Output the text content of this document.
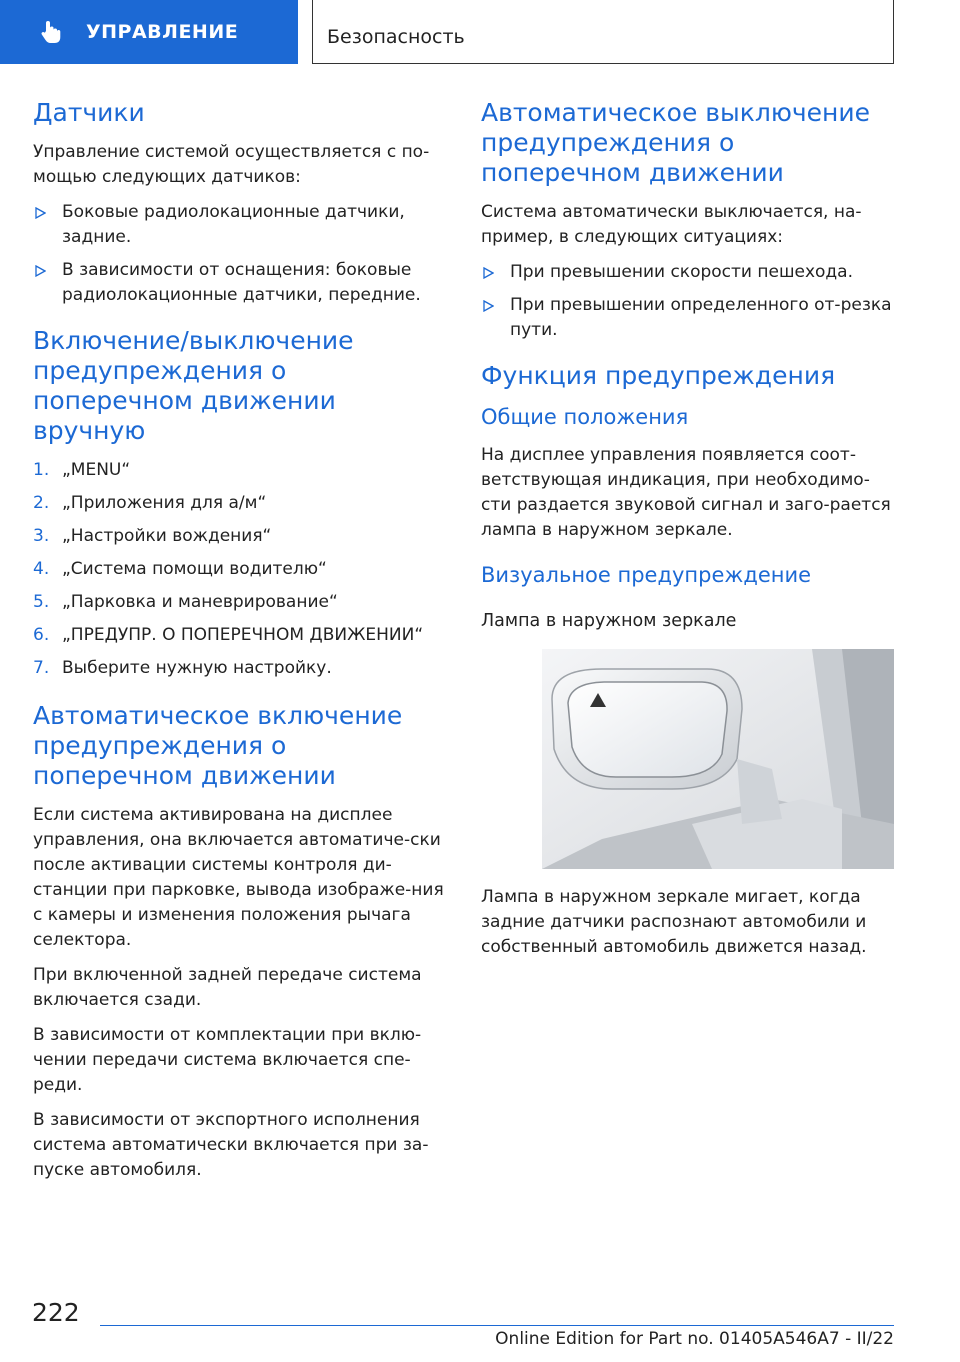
УПРАВЛЕНИЕ	Безопасность
Датчики

Управление системой осуществляется с по-мощью следующих датчиков:

Боковые радиолокационные датчики, задние.
В зависимости от оснащения: боковые радиолокационные датчики, передние.
Включение/выключение предупреждения о поперечном движении вручную
1. „MENU“
2. „Приложения для а/м“
3. „Настройки вождения“
4. „Система помощи водителю“
5. „Парковка и маневрирование“
6. „ПРЕДУПР. О ПОПЕРЕЧНОМ ДВИЖЕНИИ“
7. Выберите нужную настройку.
Автоматическое включение предупреждения о поперечном движении

Если система активирована на дисплее управления, она включается автоматиче-ски после активации системы контроля ди-станции при парковке, вывода изображе-ния с камеры и изменения положения рычага селектора.

При включенной задней передаче система включается сзади.

В зависимости от комплектации при вклю-чении передачи система включается спе-реди.

В зависимости от экспортного исполнения система автоматически включается при за-пуске автомобиля.

Автоматическое выключение предупреждения о поперечном движении

Система автоматически выключается, на-пример, в следующих ситуациях:

При превышении скорости пешехода.
При превышении определенного от-резка пути.
Функция предупреждения
Общие положения

На дисплее управления появляется соот-ветствующая индикация, при необходимо-сти раздается звуковой сигнал и заго-рается лампа в наружном зеркале.

Визуальное предупреждение
Лампа в наружном зеркале

Лампа в наружном зеркале мигает, когда задние датчики распознают автомобили и собственный автомобиль движется назад.

222
Online Edition for Part no. 01405A546A7 - II/22
